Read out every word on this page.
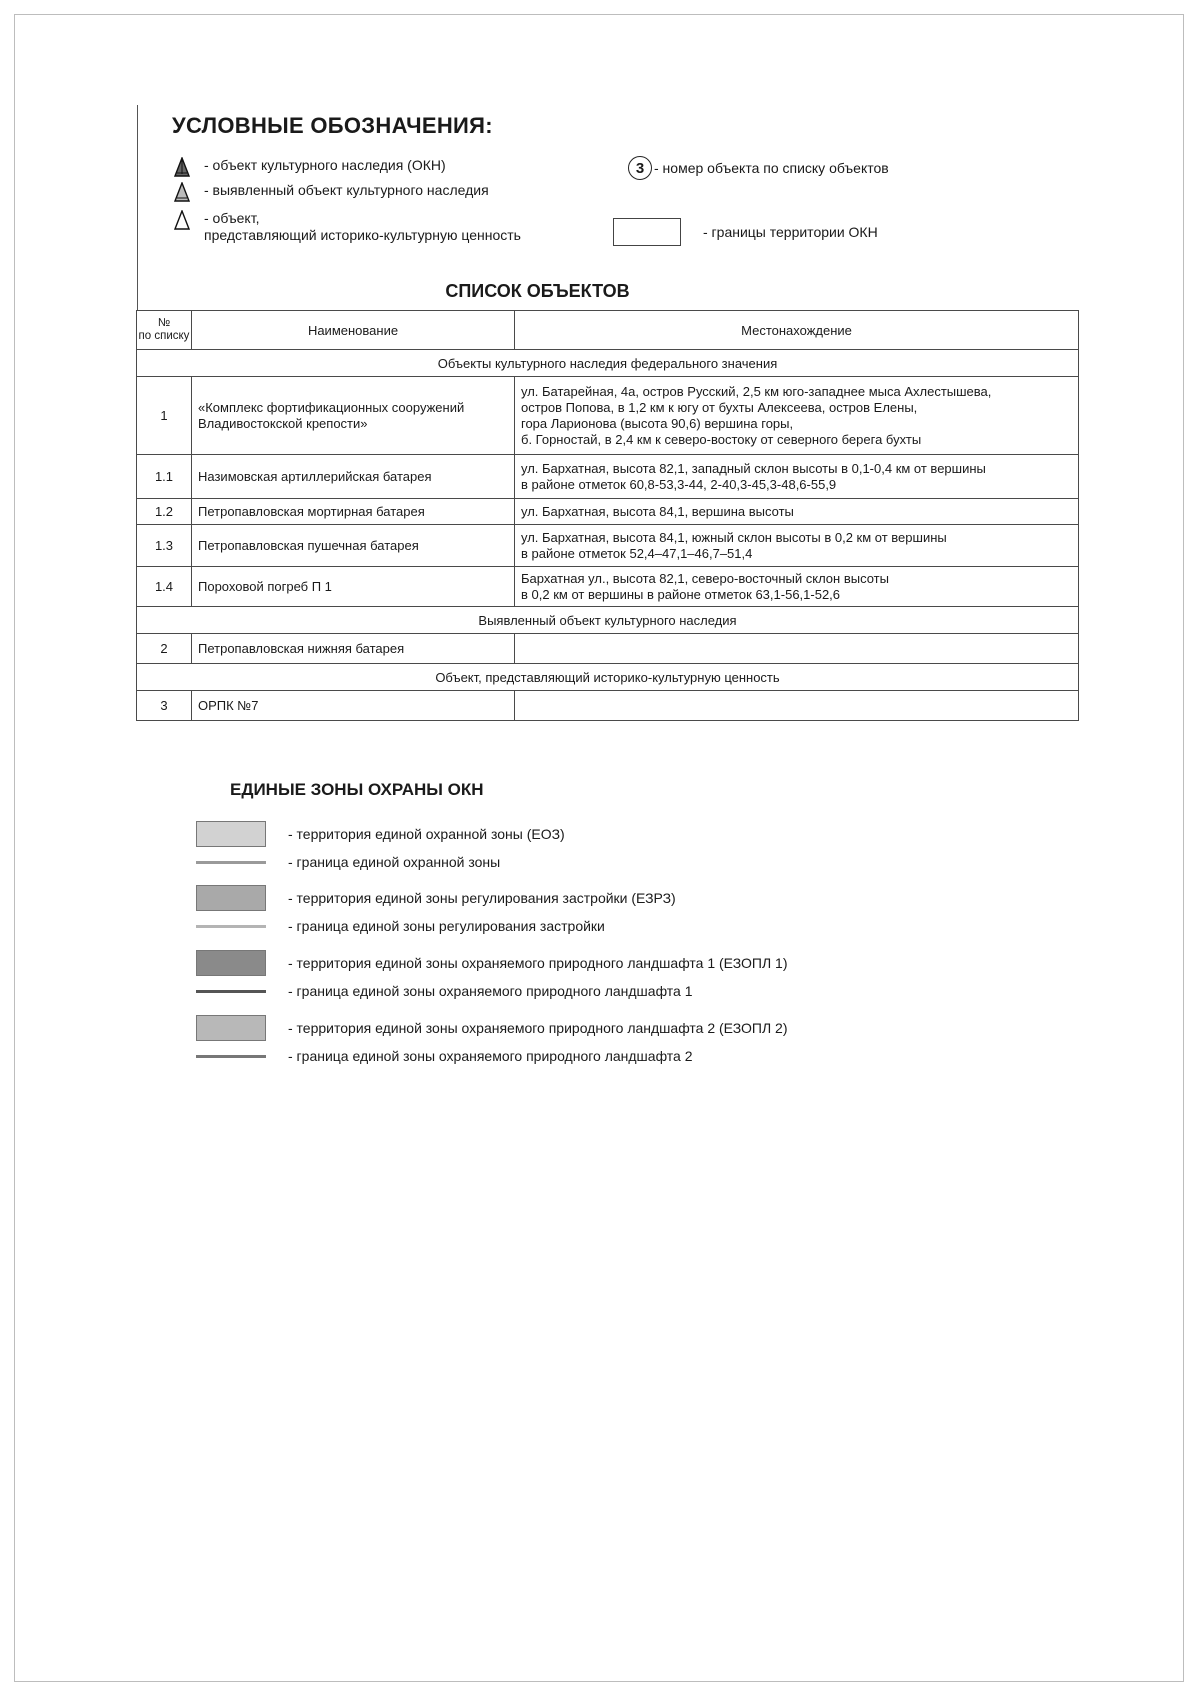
УСЛОВНЫЕ ОБОЗНАЧЕНИЯ:
- объект культурного наследия (ОКН)
- выявленный объект культурного наследия
- объект,
представляющий историко-культурную ценность
3 - номер объекта по списку объектов
- границы территории ОКН
СПИСОК ОБЪЕКТОВ
№
по списку	Наименование	Местонахождение
Объекты культурного наследия федерального значения		
1	«Комплекс фортификационных сооружений Владивостокской крепости»	ул. Батарейная, 4а, остров Русский, 2,5 км юго-западнее мыса Ахлестышева,
остров Попова, в 1,2 км к югу от бухты Алексеева, остров Елены,
гора Ларионова (высота 90,6) вершина горы,
б. Горностай, в 2,4 км к северо-востоку от северного берега бухты
1.1	Назимовская артиллерийская батарея	ул. Бархатная, высота 82,1, западный склон высоты в 0,1-0,4 км от вершины
в районе отметок 60,8-53,3-44, 2-40,3-45,3-48,6-55,9
1.2	Петропавловская мортирная батарея	ул. Бархатная, высота 84,1, вершина высоты
1.3	Петропавловская пушечная батарея	ул. Бархатная, высота 84,1, южный склон высоты в 0,2 км от вершины
в районе отметок 52,4–47,1–46,7–51,4
1.4	Пороховой погреб П 1	Бархатная ул., высота 82,1, северо-восточный склон высоты
в 0,2 км от вершины в районе отметок 63,1-56,1-52,6
Выявленный объект культурного наследия		
2	Петропавловская нижняя батарея	
Объект, представляющий историко-культурную ценность		
3	ОРПК №7	
ЕДИНЫЕ ЗОНЫ ОХРАНЫ ОКН
- территория единой охранной зоны (ЕОЗ)
- граница единой охранной зоны
- территория единой зоны регулирования застройки (ЕЗРЗ)
- граница единой зоны регулирования застройки
- территория единой зоны охраняемого природного ландшафта 1 (ЕЗОПЛ 1)
- граница единой зоны охраняемого природного ландшафта 1
- территория единой зоны охраняемого природного ландшафта 2 (ЕЗОПЛ 2)
- граница единой зоны охраняемого природного ландшафта 2
